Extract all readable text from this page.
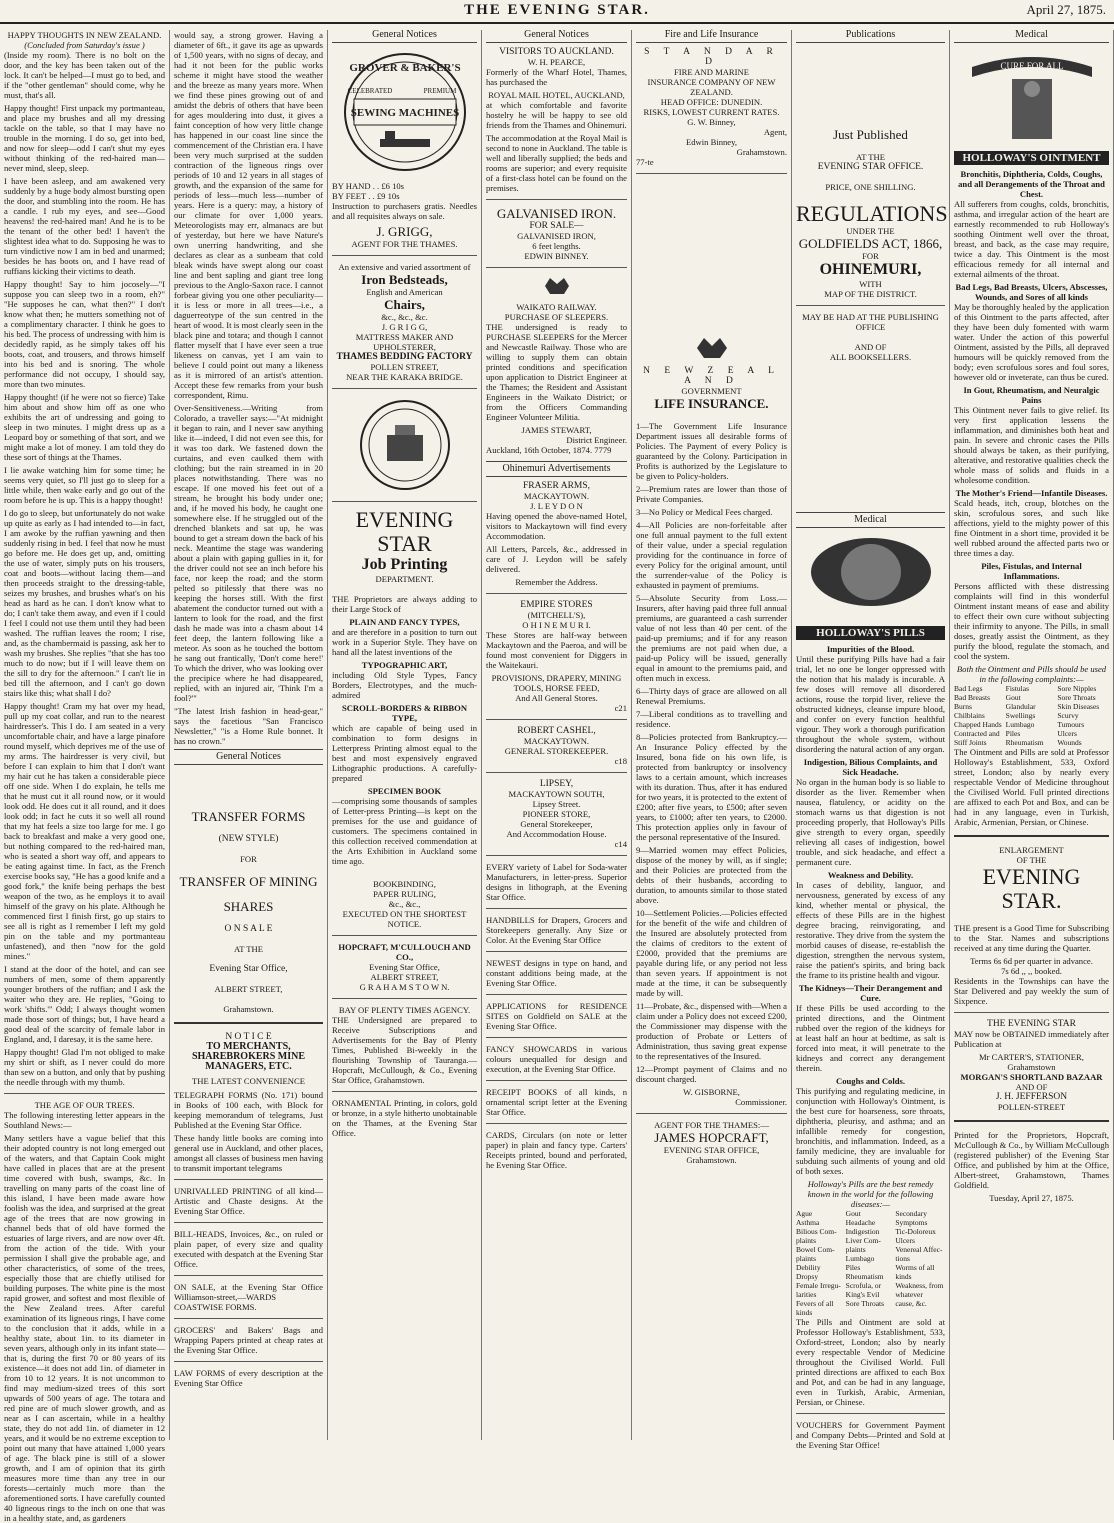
THE EVENING STAR.	April 27, 1875.
HAPPY THOUGHTS IN NEW ZEALAND.
(Concluded from Saturday's issue )

(Inside my room). There is no bolt on the door, and the key has been taken out of the lock. It can't be helped—I must go to bed, and if the "other gentleman" should come, why he must, that's all.

Happy thought! First unpack my portmanteau, and place my brushes and all my dressing tackle on the table, so that I may have no trouble in the morning. I do so, get into bed, and now for sleep—odd I can't shut my eyes without thinking of the red-haired man—never mind, sleep, sleep.

I have been asleep, and am awakened very suddenly by a huge body almost bursting open the door, and stumbling into the room. He has a candle. I rub my eyes, and see—Good heavens! the red-haired man! And he is to be the tenant of the other bed! I haven't the slightest idea what to do. Supposing he was to turn vindictive now I am in bed and unarmed; besides he has boots on, and I have read of ruffians kicking their victims to death.

Happy thought! Say to him jocosely—"I suppose you can sleep two in a room, eh?" "He supposes he can, what then?" I don't know what then; he mutters something not of a complimentary character. I think he goes to his bed. The process of undressing with him is decidedly rapid, as he simply takes off his boots, coat, and trousers, and throws himself into his bed and is snoring. The whole performance did not occupy, I should say, more than two minutes.

Happy thought! (if he were not so fierce) Take him about and show him off as one who exhibits the art of undressing and going to sleep in two minutes. I might dress up as a Leopard boy or something of that sort, and we might make a lot of money. I am told they do these sort of things at the Thames.

I lie awake watching him for some time; he seems very quiet, so I'll just go to sleep for a little while, then wake early and go out of the room before he is up. This is a happy thought!

I do go to sleep, but unfortunately do not wake up quite as early as I had intended to—in fact, I am awoke by the ruffian yawning and then suddenly rising in bed. I feel that now he must go before me. He does get up, and, omitting the use of water, simply puts on his trousers, coat and boots—without lacing them—and then proceeds straight to the dressing-table, seizes my brushes, and brushes what's on his head as hard as he can. I don't know what to do; I can't take them away, and even if I could I feel I could not use them until they had been washed. The ruffian leaves the room; I rise, and, as the chambermaid is passing, ask her to wash my brushes. She replies "that she has too much to do now; but if I will leave them on the sill to dry for the afternoon." I can't lie in bed till the afternoon, and I can't go down stairs like this; what shall I do?

Happy thought! Cram my hat over my head, pull up my coat collar, and run to the nearest hairdresser's. This I do. I am seated in a very uncomfortable chair, and have a large pinafore round myself, which deprives me of the use of my arms. The hairdresser is very civil, but before I can explain to him that I don't want my hair cut he has taken a considerable piece off one side. When I do explain, he tells me that he must cut it all round now, or it would look odd. He does cut it all round, and it does look odd; in fact he cuts it so well all round that my hat feels a size too large for me. I go back to breakfast and make a very good one, but nothing compared to the red-haired man, who is seated a short way off, and appears to be eating against time. In fact, as the French exercise books say, "He has a good knife and a good fork," the knife being perhaps the best weapon of the two, as he employs it to avail himself of the gravy on his plate. Although he commenced first I finish first, go up stairs to see all is right as I remember I left my gold pin on the table and my portmanteau unfastened), and then "now for the gold mines."

I stand at the door of the hotel, and can see numbers of men, some of them apparently younger brothers of the ruffian; and I ask the waiter who they are. He replies, "Going to work 'shifts.'" Odd; I always thought women made those sort of things; but, I have heard a good deal of the scarcity of female labor in England, and, I daresay, it is the same here.

Happy thought! Glad I'm not obliged to make my shirt or shift, as I never could do more than sew on a button, and only that by pushing the needle through with my thumb.

THE AGE OF OUR TREES.

The following interesting letter appears in the Southland News:—

Many settlers have a vague belief that this their adopted country is not long emerged out of the waters, and that Captain Cook might have called in places that are at the present time covered with bush, swamps, &c. In travelling on many parts of the coast line of this island, I have been made aware how foolish was the idea, and surprised at the great age of the trees that are now growing in channel beds that of old have formed the estuaries of large rivers, and are now over 4ft. from the action of the tide. With your permission I shall give the probable age, and other characteristics, of some of the trees, especially those that are chiefly utilised for building purposes. The white pine is the most rapid grower, and softest and most flexible of the New Zealand trees. After careful examination of its ligneous rings, I have come to the conclusion that it adds, while in a healthy state, about 1in. to its diameter in seven years, although only in its infant state—that is, during the first 70 or 80 years of its existence—it does not add 1in. of diameter in from 10 to 12 years. It is not uncommon to find may medium-sized trees of this sort upwards of 500 years of age. The totara and red pine are of much slower growth, and as near as I can ascertain, while in a healthy state, they do not add 1in. of diameter in 12 years, and it would be no extreme exception to point out many that have attained 1,000 years of age. The black pine is still of a slower growth, and I am of opinion that its girth measures more time than any tree in our forests—certainly much more than the aforementioned sorts. I have carefully counted 40 ligneous rings to the inch on one that was in a healthy state, and, as gardeners

would say, a strong grower. Having a diameter of 6ft., it gave its age as upwards of 1,500 years, with no signs of decay, and had it not been for the public works scheme it might have stood the weather and the breeze as many years more. When we find these pines growing out of and amidst the debris of others that have been for ages mouldering into dust, it gives a faint conception of how very little change has happened in our coast line since the commencement of the Christian era. I have been very much surprised at the sudden contraction of the ligneous rings over periods of 10 and 12 years in all stages of growth, and the expansion of the same for periods of less—much less—number of years. Here is a query: may, a history of our climate for over 1,000 years. Meteorologists may err, almanacs are but of yesterday, but here we have Nature's own unerring handwriting, and she declares as clear as a sunbeam that cold bleak winds have swept along our coast line and bent sapling and giant tree long previous to the Anglo-Saxon race. I cannot forbear giving you one other peculiarity—it is less or more in all trees—i.e., a daguerreotype of the sun centred in the heart of wood. It is most clearly seen in the black pine and totara; and though I cannot flatter myself that I have ever seen a true likeness on canvas, yet I am vain to believe I could point out many a likeness as it is mirrored of an artist's attention. Accept these few remarks from your bush correspondent, Rimu.

Over-Sensitiveness.—Writing from Colorado, a traveller says:—"At midnight it began to rain, and I never saw anything like it—indeed, I did not even see this, for it was too dark. We fastened down the curtains, and even caulked them with clothing; but the rain streamed in in 20 places notwithstanding. There was no escape. If one moved his feet out of a stream, he brought his body under one; and, if he moved his body, he caught one somewhere else. If he struggled out of the drenched blankets and sat up, he was bound to get a stream down the back of his neck. Meantime the stage was wandering about a plain with gaping gullies in it, for the driver could not see an inch before his face, nor keep the road; and the storm pelted so pitilessly that there was no keeping the horses still. With the first abatement the conductor turned out with a lantern to look for the road, and the first dash he made was into a chasm about 14 feet deep, the lantern following like a meteor. As soon as he touched the bottom he sang out frantically, 'Don't come here!' To which the driver, who was looking over the precipice where he had disappeared, replied, with an injured air, 'Think I'm a fool?'"

"The latest Irish fashion in head-gear," says the facetious "San Francisco Newsletter," "is a Home Rule bonnet. It has no crown."

General Notices
TRANSFER FORMS
(NEW STYLE)
FOR
TRANSFER OF MINING
SHARES
O N S A L E
AT THE
Evening Star Office,
ALBERT STREET,
Grahamstown.
N O T I C E
TO MERCHANTS, SHAREBROKERS MINE MANAGERS, ETC.
THE LATEST CONVENIENCE

TELEGRAPH FORMS (No. 171) bound in Books of 100 each, with Block for keeping memorandum of telegrams, Just Published at the Evening Star Office.

These handy little books are coming into general use in Auckland, and other places, amongst all classes of business men having to transmit important telegrams

UNRIVALLED PRINTING of all kind—Artistic and Chaste designs. At the Evening Star Office.

BILL-HEADS, Invoices, &c., on ruled or plain paper, of every size and quality executed with despatch at the Evening Star Office.

ON SALE, at the Evening Star Office Williamson-street,—WARDS COASTWISE FORMS.

GROCERS' and Bakers' Bags and Wrapping Papers printed at cheap rates at the Evening Star Office.

LAW FORMS of every description at the Evening Star Office

General Notices
GROVER & BAKER'S
SEWING MACHINES
CELEBRATED	PREMIUM
BY HAND . . £6 10s
BY FEET . . £9 10s

Instruction to purchasers gratis. Needles and all requisites always on sale.

J. GRIGG,
AGENT FOR THE THAMES.
An extensive and varied assortment of
Iron Bedsteads,
English and American
Chairs,
&c., &c., &c.
J. G R I G G,
MATTRESS MAKER AND UPHOLSTERER,
THAMES BEDDING FACTORY
POLLEN STREET,
NEAR THE KARAKA BRIDGE.
EVENING STAR
Job Printing
DEPARTMENT.

THE Proprietors are always adding to their Large Stock of

PLAIN AND FANCY TYPES,

and are therefore in a position to turn out work in a Superior Style. They have on hand all the latest inventions of the

TYPOGRAPHIC ART,

including Old Style Types, Fancy Borders, Electrotypes, and the much-admired

SCROLL-BORDERS & RIBBON TYPE,

which are capable of being used in combination to form designs in Letterpress Printing almost equal to the best and most expensively engraved Lithographic productions. A carefully-prepared

SPECIMEN BOOK

—comprising some thousands of samples of Letter-press Printing—is kept on the premises for the use and guidance of customers. The specimens contained in this collection received commendation at the Arts Exhibition in Auckland some time ago.

BOOKBINDING,
PAPER RULING,
&c., &c.,
EXECUTED ON THE SHORTEST NOTICE.
HOPCRAFT, M'CULLOUCH AND CO.,
Evening Star Office,
ALBERT STREET,
G R A H A M S T O W N.
BAY OF PLENTY TIMES AGENCY.

THE Undersigned are prepared to Receive Subscriptions and Advertisements for the Bay of Plenty Times, Published Bi-weekly in the flourishing Township of Tauranga.—Hopcraft, McCullough, & Co., Evening Star Office, Grahamstown.

ORNAMENTAL Printing, in colors, gold or bronze, in a style hitherto unobtainable on the Thames, at the Evening Star Office.

General Notices
VISITORS TO AUCKLAND.
W. H. PEARCE,

Formerly of the Wharf Hotel, Thames, has purchased the

ROYAL MAIL HOTEL, AUCKLAND,

at which comfortable and favorite hostelry he will be happy to see old friends from the Thames and Ohinemuri.

The accommodation at the Royal Mail is second to none in Auckland. The table is well and liberally supplied; the beds and rooms are superior; and every requisite of a first-class hotel can be found on the premises.

GALVANISED IRON.
FOR SALE—
GALVANISED IRON,
6 feet lengths.
EDWIN BINNEY.
WAIKATO RAILWAY.
PURCHASE OF SLEEPERS.

THE undersigned is ready to PURCHASE SLEEPERS for the Mercer and Newcastle Railway. Those who are willing to supply them can obtain printed conditions and specification upon application to District Engineer at the Thames; the Resident and Assistant Engineers in the Waikato District; or from the Officers Commanding Engineer Volunteer Militia.

JAMES STEWART,
District Engineer.
Auckland, 16th October, 1874. 7779
Ohinemuri Advertisements
FRASER ARMS,
MACKAYTOWN.
J. L E Y D O N

Having opened the above-named Hotel, visitors to Mackaytown will find every Accommodation.

All Letters, Parcels, &c., addressed in care of J. Leydon will be safely delivered.

Remember the Address.
EMPIRE STORES
(MITCHELL'S),
O H I N E M U R I.

These Stores are half-way between Mackaytown and the Paeroa, and will be found most convenient for Diggers in the Waitekauri.

PROVISIONS, DRAPERY, MINING TOOLS, HORSE FEED,
And All General Stores.
c21
ROBERT CASHEL,
MACKAYTOWN.
GENERAL STOREKEEPER.
c18
LIPSEY,
MACKAYTOWN SOUTH,
Lipsey Street.
PIONEER STORE,
General Storekeeper,
And Accommodation House.
c14

EVERY variety of Label for Soda-water Manufacturers, in letter-press. Superior designs in lithograph, at the Evening Star Office.

HANDBILLS for Drapers, Grocers and Storekeepers generally. Any Size or Color. At the Evening Star Office

NEWEST designs in type on hand, and constant additions being made, at the Evening Star Office.

APPLICATIONS for RESIDENCE SITES on Goldfield on SALE at the Evening Star Office.

FANCY SHOWCARDS in various colours unequalled for design and execution, at the Evening Star Office.

RECEIPT BOOKS of all kinds, n ornamental script letter at the Evening Star Office.

CARDS, Circulars (on note or letter paper) in plain and fancy type. Carters' Receipts printed, bound and perforated, he Evening Star Office.

Fire and Life Insurance
S T A N D A R D
FIRE AND MARINE
INSURANCE COMPANY OF NEW ZEALAND.
HEAD OFFICE: DUNEDIN.
RISKS, LOWEST CURRENT RATES.
G. W. Binney,
Agent,
Edwin Binney,
Grahamstown.
77-te
N E W Z E A L A N D
GOVERNMENT
LIFE INSURANCE.

1—The Government Life Insurance Department issues all desirable forms of Policies. The Payment of every Policy is guaranteed by the Colony. Participation in Profits is authorized by the Legislature to be given to Policy-holders.

2—Premium rates are lower than those of Private Companies.

3—No Policy or Medical Fees charged.

4—All Policies are non-forfeitable after one full annual payment to the full extent of their value, under a special regulation providing for the continuance in force of every Policy for the original amount, until the surrender-value of the Policy is exhausted in payment of premiums.

5—Absolute Security from Loss.—Insurers, after having paid three full annual premiums, are guaranteed a cash surrender value of not less than 40 per cent. of the paid-up premiums; and if for any reason the premiums are not paid when due, a paid-up Policy will be issued, generally equal in amount to the premiums paid, and often much in excess.

6—Thirty days of grace are allowed on all Renewal Premiums.

7—Liberal conditions as to travelling and residence.

8—Policies protected from Bankruptcy.—An Insurance Policy effected by the Insured, bona fide on his own life, is protected from bankruptcy or insolvency laws to a certain amount, which increases with its duration. Thus, after it has endured for two years, it is protected to the extent of £200; after five years, to £500; after seven years, to £1000; after ten years, to £2000. This protection applies only in favour of the personal representative of the Insured.

9—Married women may effect Policies, dispose of the money by will, as if single; and their Policies are protected from the debts of their husbands, according to duration, to amounts similar to those stated above.

10—Settlement Policies.—Policies effected for the benefit of the wife and children of the Insured are absolutely protected from the claims of creditors to the extent of £2000, provided that the premiums are payable during life, or any period not less than seven years. If appointment is not made at the time, it can be subsequently made by will.

11—Probate, &c., dispensed with—When a claim under a Policy does not exceed £200, the Commissioner may dispense with the production of Probate or Letters of Administration, thus saving great expense to the representatives of the Insured.

12—Prompt payment of Claims and no discount charged.

W. GISBORNE,
Commissioner.
AGENT FOR THE THAMES:—
JAMES HOPCRAFT,
EVENING STAR OFFICE,
Grahamstown.
Publications
Just Published
AT THE
EVENING STAR OFFICE.
PRICE, ONE SHILLING.
REGULATIONS
UNDER THE
GOLDFIELDS ACT, 1866,
FOR
OHINEMURI,
WITH
MAP OF THE DISTRICT.
MAY BE HAD AT THE PUBLISHING OFFICE
AND OF
ALL BOOKSELLERS.
Medical
HOLLOWAY'S PILLS
Impurities of the Blood.

Until these purifying Pills have had a fair trial, let no one be longer oppressed with the notion that his malady is incurable. A few doses will remove all disordered actions, rouse the torpid liver, relieve the obstructed kidneys, cleanse impure blood, and confer on every function healthful vigour. They work a thorough purification throughout the whole system, without disordering the natural action of any organ.

Indigestion, Bilious Complaints, and Sick Headache.

No organ in the human body is so liable to disorder as the liver. Remember when nausea, flatulency, or acidity on the stomach warns us that digestion is not proceeding properly, that Holloway's Pills give strength to every organ, speedily relieving all cases of indigestion, bowel trouble, and sick headache, and effect a permanent cure.

Weakness and Debility.

In cases of debility, languor, and nervousness, generated by excess of any kind, whether mental or physical, the effects of these Pills are in the highest degree bracing, reinvigorating, and restorative. They drive from the system the morbid causes of disease, re-establish the digestion, strengthen the nervous system, raise the patient's spirits, and bring back the frame to its pristine health and vigour.

The Kidneys—Their Derangement and Cure.

If these Pills be used according to the printed directions, and the Ointment rubbed over the region of the kidneys for at least half an hour at bedtime, as salt is forced into meat, it will penetrate to the kidneys and correct any derangement therein.

Coughs and Colds.

This purifying and regulating medicine, in conjunction with Holloway's Ointment, is the best cure for hoarseness, sore throats, diphtheria, pleurisy, and asthma; and an infallible remedy for congestion, bronchitis, and inflammation. Indeed, as a family medicine, they are invaluable for subduing such ailments of young and old of both sexes.

Holloway's Pills are the best remedy known in the world for the following diseases:—
Ague	Gout	Secondary
Asthma	Headache	Symptoms
Bilious Com-	Indigestion	Tic-Doloreux
plaints	Liver Com-	Ulcers
Bowel Com-	plaints	Venereal Affec-
plaints	Lumbago	tions
Debility	Piles	Worms of all
Dropsy	Rheumatism	kinds
Female Irregu- Scrofula, or	Weakness, from
larities	King's Evil	whatever
Fevers of all kinds
Sore Throats	cause, &c.

The Pills and Ointment are sold at Professor Holloway's Establishment, 533, Oxford-street, London; also by nearly every respectable Vendor of Medicine throughout the Civilised World. Full printed directions are affixed to each Box and Pot, and can be had in any language, even in Turkish, Arabic, Armenian, Persian, or Chinese.

VOUCHERS for Government Payment and Company Debts—Printed and Sold at the Evening Star Office!

Medical
CURE FOR ALL
HOLLOWAY'S OINTMENT
Bronchitis, Diphtheria, Colds, Coughs, and all Derangements of the Throat and Chest.

All sufferers from coughs, colds, bronchitis, asthma, and irregular action of the heart are earnestly recommended to rub Holloway's soothing Ointment well over the throat, breast, and back, as the case may require, twice a day. This Ointment is the most efficacious remedy for all internal and external ailments of the throat.

Bad Legs, Bad Breasts, Ulcers, Abscesses, Wounds, and Sores of all kinds

May be thoroughly healed by the application of this Ointment to the parts affected, after they have been duly fomented with warm water. Under the action of this powerful Ointment, assisted by the Pills, all depraved humours will be quickly removed from the body; even scrofulous sores and foul sores, however old or inveterate, can thus be cured.

In Gout, Rheumatism, and Neuralgic Pains

This Ointment never fails to give relief. Its very first application lessens the inflammation, and diminishes both heat and pain. In severe and chronic cases the Pills should always be taken, as their purifying, alterative, and restorative qualities check the whole mass of solids and fluids in a wholesome condition.

The Mother's Friend—Infantile Diseases.

Scald heads, itch, croup, blotches on the skin, scrofulous sores, and such like affections, yield to the mighty power of this fine Ointment in a short time, provided it be well rubbed around the affected parts two or three times a day.

Piles, Fistulas, and Internal Inflammations.

Persons afflicted with these distressing complaints will find in this wonderful Ointment instant means of ease and ability to effect their own cure without subjecting their infirmity to anyone. The Pills, in small doses, greatly assist the Ointment, as they purify the blood, regulate the stomach, and cool the system.

Both the Ointment and Pills should be used in the following complaints:—
Bad Legs	Fistulas	Sore Nipples
Bad Breasts	Gout	Sore Throats
Burns	Glandular	Skin Diseases
Chilblains	Swellings	Scurvy
Chapped Hands Lumbago	Tumours
Contracted and Piles	Ulcers
Stiff Joints	Rheumatism	Wounds

The Ointment and Pills are sold at Professor Holloway's Establishment, 533, Oxford street, London; also by nearly every respectable Vendor of Medicine throughout the Civilised World. Full printed directions are affixed to each Pot and Box, and can be had in any language, even in Turkish, Arabic, Armenian, Persian, or Chinese.

ENLARGEMENT
OF THE
EVENING STAR.

THE present is a Good Time for Subscribing to the Star. Names and subscriptions received at any time during the Quarter.

Terms 6s 6d per quarter in advance.
7s 6d ,, ,, booked.

Residents in the Townships can have the Star Delivered and pay weekly the sum of Sixpence.

THE EVENING STAR

MAY now be OBTAINED immediately after Publication at

Mr CARTER'S, STATIONER,
Grahamstown
MORGAN'S SHORTLAND BAZAAR
AND OF
J. H. JEFFERSON
POLLEN-STREET

Printed for the Proprietors, Hopcraft, McCullough & Co., by William McCullough (registered publisher) of the Evening Star Office, and published by him at the Office, Albert-street, Grahamstown, Thames Goldfield.

Tuesday, April 27, 1875.
